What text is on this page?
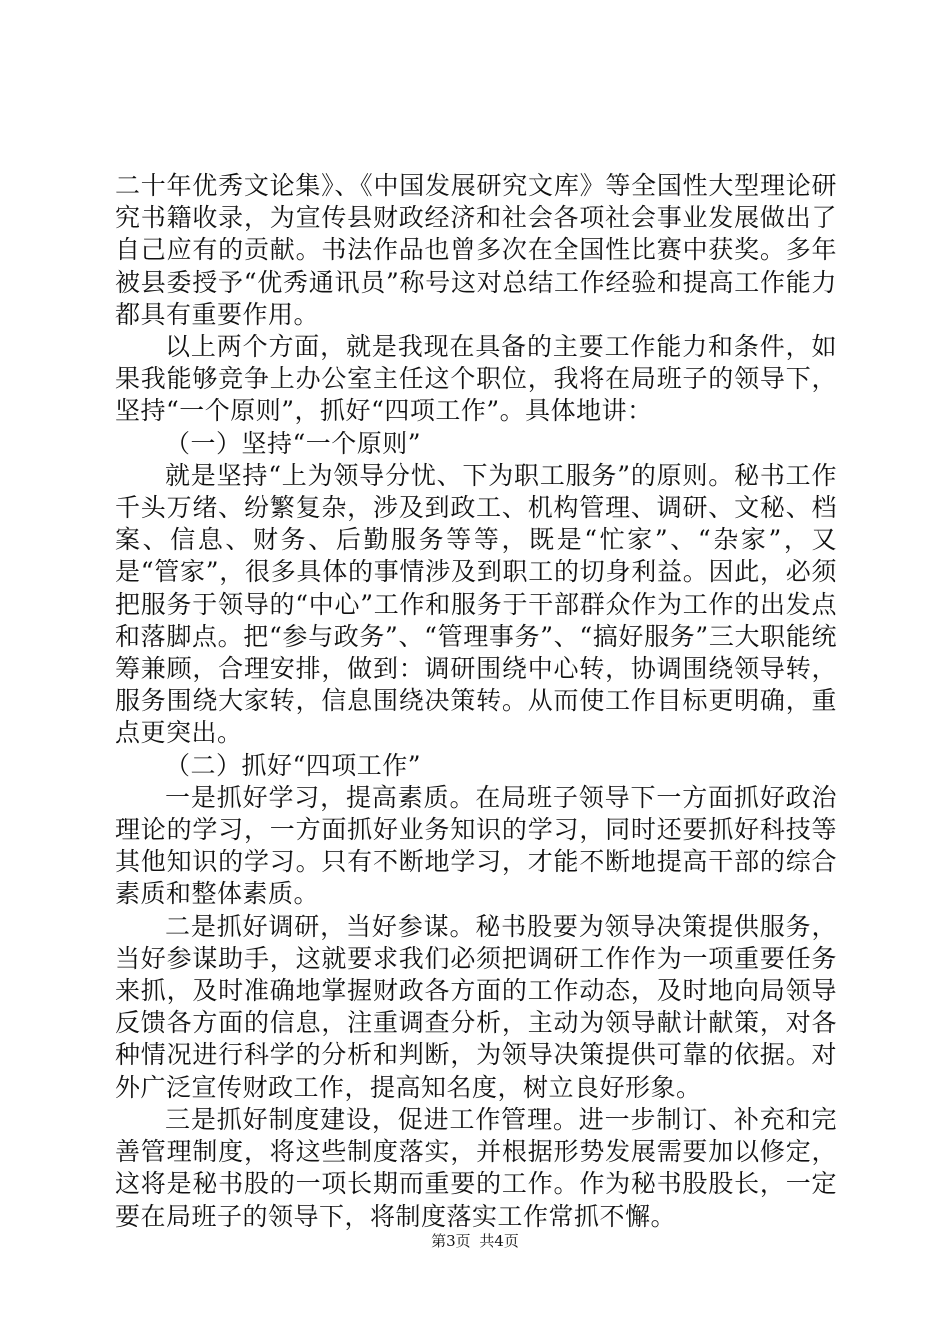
二十年优秀文论集》、《中国发展研究文库》等全国性大型理论研究书籍收录，为宣传县财政经济和社会各项社会事业发展做出了自己应有的贡献。书法作品也曾多次在全国性比赛中获奖。多年被县委授予“优秀通讯员”称号这对总结工作经验和提高工作能力都具有重要作用。

以上两个方面，就是我现在具备的主要工作能力和条件，如果我能够竞争上办公室主任这个职位，我将在局班子的领导下，坚持“一个原则”，抓好“四项工作”。具体地讲：

（一）坚持“一个原则”

就是坚持“上为领导分忧、下为职工服务”的原则。秘书工作千头万绪、纷繁复杂，涉及到政工、机构管理、调研、文秘、档案、信息、财务、后勤服务等等，既是“忙家”、“杂家”，又是“管家”，很多具体的事情涉及到职工的切身利益。因此，必须把服务于领导的“中心”工作和服务于干部群众作为工作的出发点和落脚点。把“参与政务”、“管理事务”、“搞好服务”三大职能统筹兼顾，合理安排，做到：调研围绕中心转，协调围绕领导转，服务围绕大家转，信息围绕决策转。从而使工作目标更明确，重点更突出。

（二）抓好“四项工作”

一是抓好学习，提高素质。在局班子领导下一方面抓好政治理论的学习，一方面抓好业务知识的学习，同时还要抓好科技等其他知识的学习。只有不断地学习，才能不断地提高干部的综合素质和整体素质。

二是抓好调研，当好参谋。秘书股要为领导决策提供服务，当好参谋助手，这就要求我们必须把调研工作作为一项重要任务来抓，及时准确地掌握财政各方面的工作动态，及时地向局领导反馈各方面的信息，注重调查分析，主动为领导献计献策，对各种情况进行科学的分析和判断，为领导决策提供可靠的依据。对外广泛宣传财政工作，提高知名度，树立良好形象。

三是抓好制度建设，促进工作管理。进一步制订、补充和完善管理制度，将这些制度落实，并根据形势发展需要加以修定，这将是秘书股的一项长期而重要的工作。作为秘书股股长，一定要在局班子的领导下，将制度落实工作常抓不懈。

第3页 共4页
